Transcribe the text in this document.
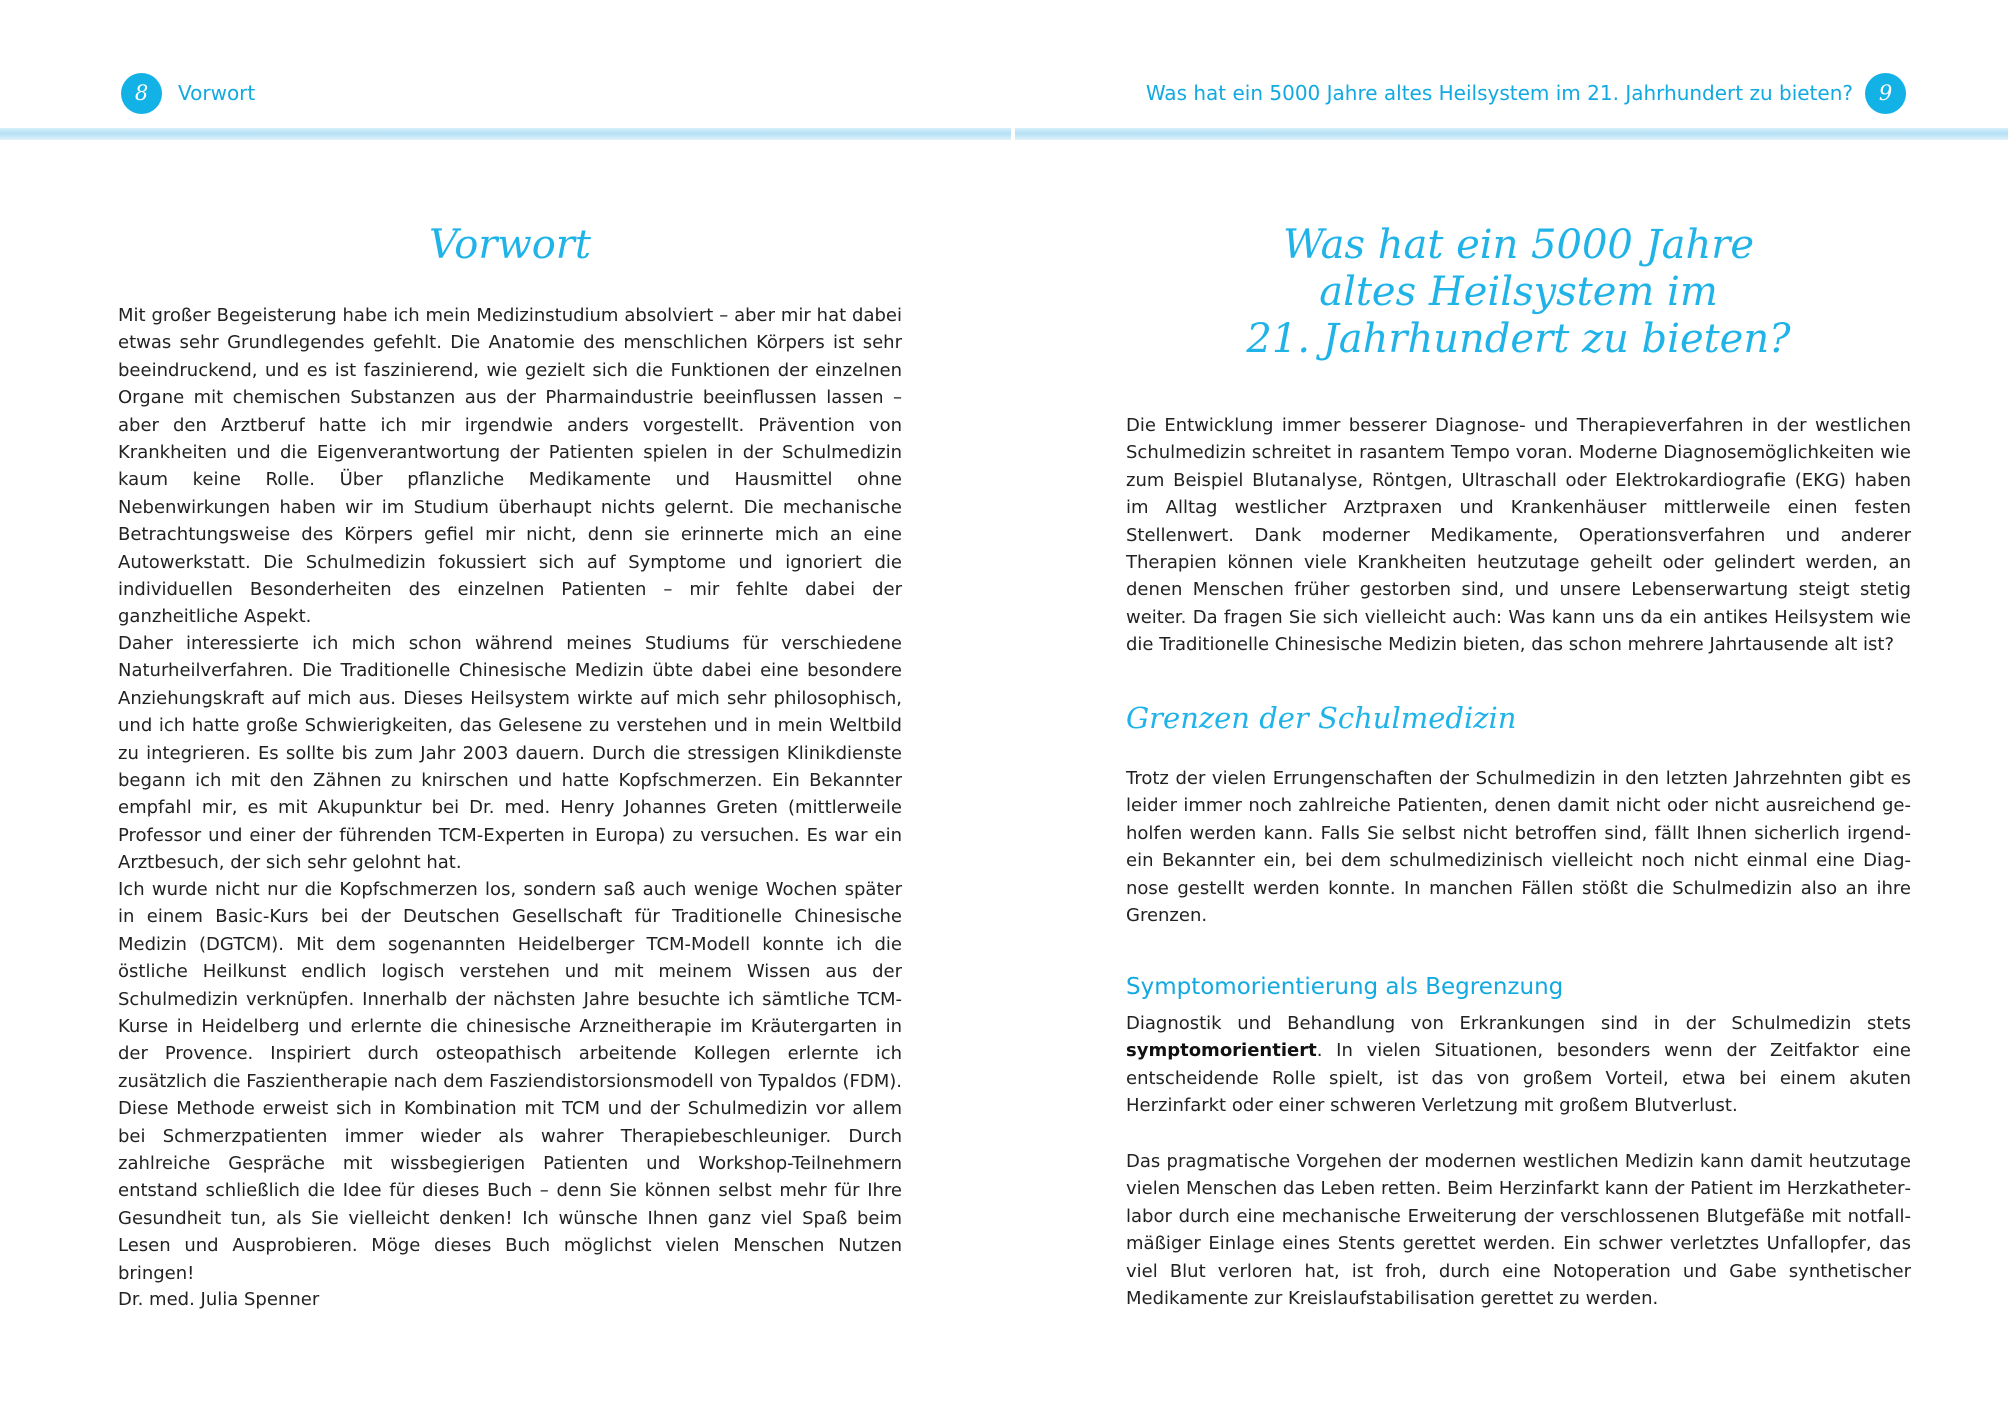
8	Vorwort	Was hat ein 5000 Jahre altes Heilsystem im 21. Jahrhundert zu bieten?	9
Vorwort

Mit großer Begeisterung habe ich mein Medizinstudium absolviert – aber mir hat dabei etwas sehr Grundlegendes gefehlt. Die Anatomie des menschlichen Körpers ist sehr beeindruckend, und es ist faszinierend, wie gezielt sich die Funktionen der einzelnen Organe mit chemischen Substanzen aus der Pharmaindustrie beeinflussen lassen – aber den Arztberuf hatte ich mir irgendwie anders vorgestellt. Prävention von Krankheiten und die Eigenverantwortung der Patienten spielen in der Schulmedizin kaum keine Rolle. Über pflanzliche Medikamente und Hausmittel ohne Nebenwirkungen haben wir im Studium überhaupt nichts gelernt. Die mechanische Betrachtungsweise des Körpers gefiel mir nicht, denn sie erinnerte mich an eine Autowerkstatt. Die Schulmedizin fokussiert sich auf Symptome und ignoriert die individuellen Besonderheiten des einzelnen Patienten – mir fehlte dabei der ganzheitliche Aspekt.

Daher interessierte ich mich schon während meines Studiums für verschiedene Naturheilverfahren. Die Traditionelle Chinesische Medizin übte dabei eine besondere Anziehungskraft auf mich aus. Dieses Heilsystem wirkte auf mich sehr philosophisch, und ich hatte große Schwierigkeiten, das Gelesene zu verstehen und in mein Weltbild zu integrieren. Es sollte bis zum Jahr 2003 dauern. Durch die stressigen Klinikdienste begann ich mit den Zähnen zu knirschen und hatte Kopfschmerzen. Ein Bekannter empfahl mir, es mit Akupunktur bei Dr. med. Henry Johannes Greten (mittlerweile Professor und einer der führenden TCM-Experten in Europa) zu versuchen. Es war ein Arztbesuch, der sich sehr gelohnt hat.

Ich wurde nicht nur die Kopfschmerzen los, sondern saß auch wenige Wochen später in einem Basic-Kurs bei der Deutschen Gesellschaft für Traditionelle Chinesische Medizin (DGTCM). Mit dem sogenannten Heidelberger TCM-Modell konnte ich die östliche Heilkunst endlich logisch verstehen und mit meinem Wissen aus der Schulmedizin verknüpfen. Innerhalb der nächsten Jahre besuchte ich sämtliche TCM-Kurse in Heidelberg und erlernte die chinesische Arzneitherapie im Kräutergarten in der Provence. Inspiriert durch osteopathisch arbeitende Kollegen erlernte ich zusätzlich die Faszientherapie nach dem Fasziendistorsionsmodell von Typaldos (FDM). Diese Methode erweist sich in Kombination mit TCM und der Schulmedizin vor allem bei Schmerzpatienten immer wieder als wahrer Therapiebeschleuniger. Durch zahlreiche Gespräche mit wissbegierigen Patienten und Workshop-Teilnehmern entstand schließlich die Idee für dieses Buch – denn Sie können selbst mehr für Ihre Gesundheit tun, als Sie vielleicht denken! Ich wünsche Ihnen ganz viel Spaß beim Lesen und Ausprobieren. Möge dieses Buch möglichst vielen Menschen Nutzen bringen!

Dr. med. Julia Spenner

Was hat ein 5000 Jahre
altes Heilsystem im
21. Jahrhundert zu bieten?

Die Entwicklung immer besserer Diagnose- und Therapieverfahren in der westlichen Schulmedizin schreitet in rasantem Tempo voran. Moderne Diagnosemöglichkeiten wie zum Beispiel Blutanalyse, Röntgen, Ultraschall oder Elektrokardiografie (EKG) haben im Alltag westlicher Arztpraxen und Krankenhäuser mittlerweile einen festen Stellenwert. Dank moderner Medikamente, Operationsverfahren und anderer Therapien können viele Krankheiten heutzutage geheilt oder gelindert werden, an denen Menschen früher gestorben sind, und unsere Lebenserwartung steigt stetig weiter. Da fragen Sie sich vielleicht auch: Was kann uns da ein antikes Heilsystem wie die Traditionelle Chinesische Medizin bieten, das schon mehrere Jahrtausende alt ist?

Grenzen der Schulmedizin

Trotz der vielen Errungenschaften der Schulmedizin in den letzten Jahrzehnten gibt es leider immer noch zahlreiche Patienten, denen damit nicht oder nicht ausreichend geholfen werden kann. Falls Sie selbst nicht betroffen sind, fällt Ihnen sicherlich irgendein Bekannter ein, bei dem schulmedizinisch vielleicht noch nicht einmal eine Diagnose gestellt werden konnte. In manchen Fällen stößt die Schulmedizin also an ihre Grenzen.

Symptomorientierung als Begrenzung

Diagnostik und Behandlung von Erkrankungen sind in der Schulmedizin stets symptomorientiert. In vielen Situationen, besonders wenn der Zeitfaktor eine entscheidende Rolle spielt, ist das von großem Vorteil, etwa bei einem akuten Herzinfarkt oder einer schweren Verletzung mit großem Blutverlust.

Das pragmatische Vorgehen der modernen westlichen Medizin kann damit heutzutage vielen Menschen das Leben retten. Beim Herzinfarkt kann der Patient im Herzkatheterlabor durch eine mechanische Erweiterung der verschlossenen Blutgefäße mit notfallmäßiger Einlage eines Stents gerettet werden. Ein schwer verletztes Unfallopfer, das viel Blut verloren hat, ist froh, durch eine Notoperation und Gabe synthetischer Medikamente zur Kreislaufstabilisation gerettet zu werden.
